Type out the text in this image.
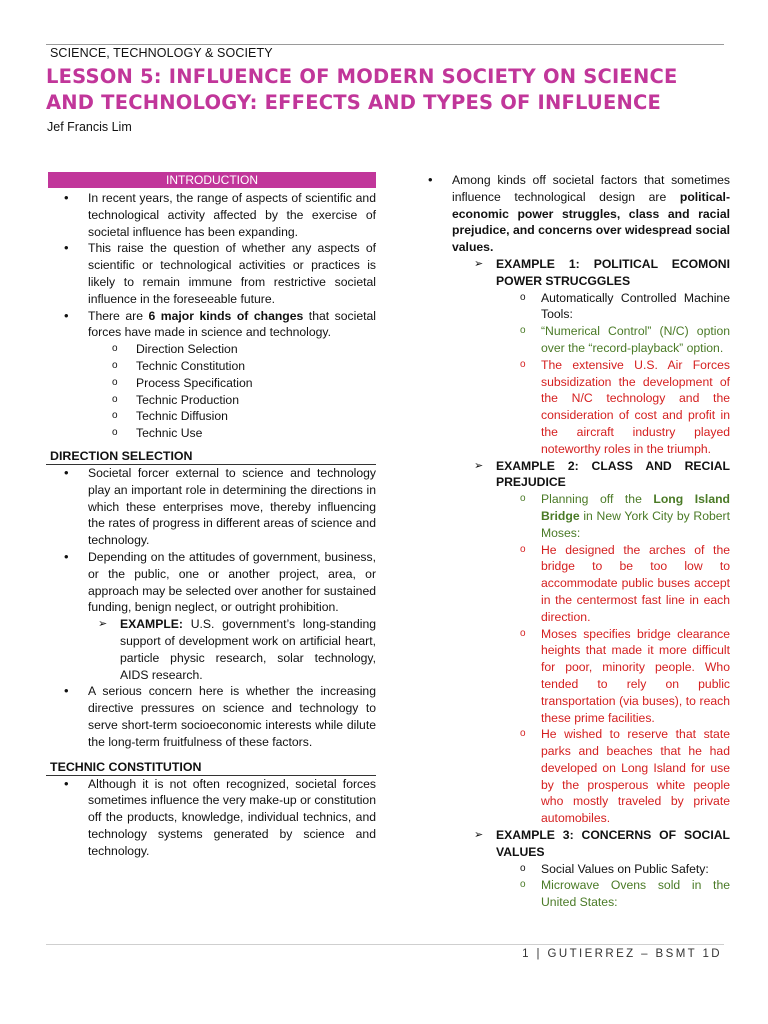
SCIENCE, TECHNOLOGY & SOCIETY
LESSON 5: INFLUENCE OF MODERN SOCIETY ON SCIENCE
AND TECHNOLOGY: EFFECTS AND TYPES OF INFLUENCE
Jef Francis Lim
INTRODUCTION
• In recent years, the range of aspects of scientific and technological activity affected by the exercise of societal influence has been expanding.
• This raise the question of whether any aspects of scientific or technological activities or practices is likely to remain immune from restrictive societal influence in the foreseeable future.
• There are 6 major kinds of changes that societal forces have made in science and technology.
o Direction Selection
o Technic Constitution
o Process Specification
o Technic Production
o Technic Diffusion
o Technic Use
DIRECTION SELECTION
• Societal forcer external to science and technology play an important role in determining the directions in which these enterprises move, thereby influencing the rates of progress in different areas of science and technology.
• Depending on the attitudes of government, business, or the public, one or another project, area, or approach may be selected over another for sustained funding, benign neglect, or outright prohibition.
➢ EXAMPLE: U.S. government’s long-standing support of development work on artificial heart, particle physic research, solar technology, AIDS research.
• A serious concern here is whether the increasing directive pressures on science and technology to serve short-term socioeconomic interests while dilute the long-term fruitfulness of these factors.
TECHNIC CONSTITUTION
• Although it is not often recognized, societal forces sometimes influence the very make-up or constitution off the products, knowledge, individual technics, and technology systems generated by science and technology.
• Among kinds off societal factors that sometimes influence technological design are political-economic power struggles, class and racial prejudice, and concerns over widespread social values.
➢ EXAMPLE 1: POLITICAL ECOMONI POWER STRUCGGLES
o Automatically Controlled Machine Tools:
o “Numerical Control” (N/C) option over the “record-playback” option.
o The extensive U.S. Air Forces subsidization the development of the N/C technology and the consideration of cost and profit in the aircraft industry played noteworthy roles in the triumph.
➢ EXAMPLE 2: CLASS AND RECIAL PREJUDICE
o Planning off the Long Island Bridge in New York City by Robert Moses:
o He designed the arches of the bridge to be too low to accommodate public buses accept in the centermost fast line in each direction.
o Moses specifies bridge clearance heights that made it more difficult for poor, minority people. Who tended to rely on public transportation (via buses), to reach these prime facilities.
o He wished to reserve that state parks and beaches that he had developed on Long Island for use by the prosperous white people who mostly traveled by private automobiles.
➢ EXAMPLE 3: CONCERNS OF SOCIAL VALUES
o Social Values on Public Safety:
o Microwave Ovens sold in the United States:
1 | GUTIERREZ – BSMT 1D
